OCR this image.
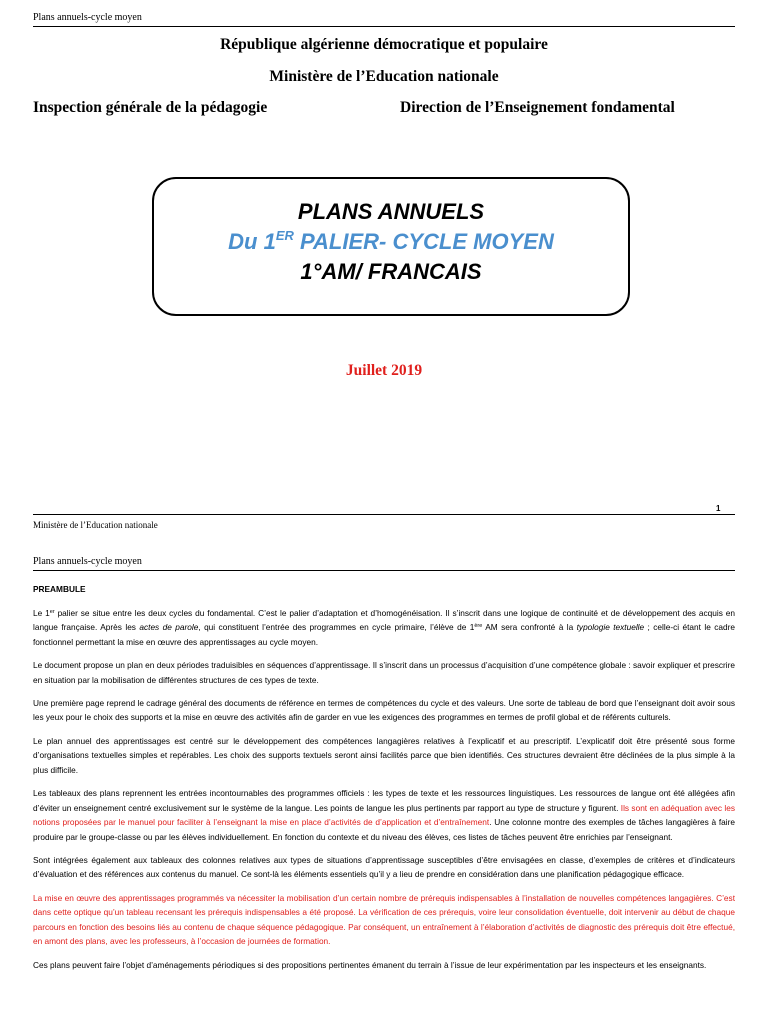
Plans annuels-cycle moyen
République algérienne démocratique et populaire
Ministère de l’Education nationale
Inspection générale de la pédagogie	Direction de l’Enseignement fondamental
PLANS ANNUELS
Du 1ER PALIER- CYCLE MOYEN
1°AM/ FRANCAIS
Juillet 2019
1
Ministère de l’Education nationale
Plans annuels-cycle moyen
PREAMBULE

Le 1er palier se situe entre les deux cycles du fondamental. C’est le palier d’adaptation et d’homogénéisation. Il s’inscrit dans une logique de continuité et de développement des acquis en langue française. Après les actes de parole, qui constituent l’entrée des programmes en cycle primaire, l’élève de 1ère AM sera confronté à la typologie textuelle ; celle-ci étant le cadre fonctionnel permettant la mise en œuvre des apprentissages au cycle moyen.

Le document propose un plan en deux périodes traduisibles en séquences d’apprentissage. Il s’inscrit dans un processus d’acquisition d’une compétence globale : savoir expliquer et prescrire en situation par la mobilisation de différentes structures de ces types de texte.

Une première page reprend le cadrage général des documents de référence en termes de compétences du cycle et des valeurs. Une sorte de tableau de bord que l’enseignant doit avoir sous les yeux pour le choix des supports et la mise en œuvre des activités afin de garder en vue les exigences des programmes en termes de profil global et de référents culturels.

Le plan annuel des apprentissages est centré sur le développement des compétences langagières relatives à l’explicatif et au prescriptif. L’explicatif doit être présenté sous forme d’organisations textuelles simples et repérables. Les choix des supports textuels seront ainsi facilités parce que bien identifiés. Ces structures devraient être déclinées de la plus simple à la plus difficile.

Les tableaux des plans reprennent les entrées incontournables des programmes officiels : les types de texte et les ressources linguistiques. Les ressources de langue ont été allégées afin d’éviter un enseignement centré exclusivement sur le système de la langue. Les points de langue les plus pertinents par rapport au type de structure y figurent. Ils sont en adéquation avec les notions proposées par le manuel pour faciliter à l’enseignant la mise en place d’activités de d’application et d’entraînement. Une colonne montre des exemples de tâches langagières à faire produire par le groupe-classe ou par les élèves individuellement. En fonction du contexte et du niveau des élèves, ces listes de tâches peuvent être enrichies par l’enseignant.

Sont intégrées également aux tableaux des colonnes relatives aux types de situations d’apprentissage susceptibles d’être envisagées en classe, d’exemples de critères et d’indicateurs d’évaluation et des références aux contenus du manuel. Ce sont-là les éléments essentiels qu’il y a lieu de prendre en considération dans une planification pédagogique efficace.

La mise en œuvre des apprentissages programmés va nécessiter la mobilisation d’un certain nombre de prérequis indispensables à l’installation de nouvelles compétences langagières. C’est dans cette optique qu’un tableau recensant les prérequis indispensables a été proposé. La vérification de ces prérequis, voire leur consolidation éventuelle, doit intervenir au début de chaque parcours en fonction des besoins liés au contenu de chaque séquence pédagogique. Par conséquent, un entraînement à l’élaboration d’activités de diagnostic des prérequis doit être effectué, en amont des plans, avec les professeurs, à l’occasion de journées de formation.

Ces plans peuvent faire l’objet d’aménagements périodiques si des propositions pertinentes émanent du terrain à l’issue de leur expérimentation par les inspecteurs et les enseignants.
